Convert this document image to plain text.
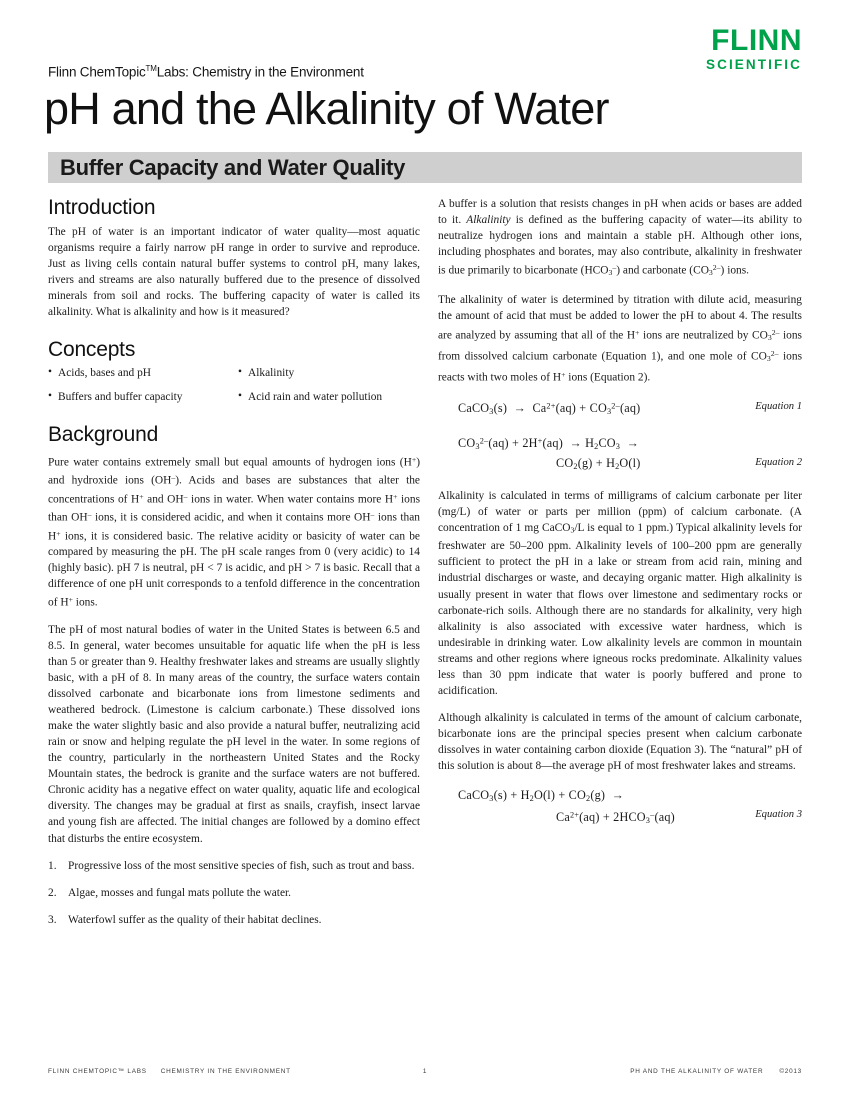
FLINN
SCIENTIFIC
Flinn ChemTopic™Labs: Chemistry in the Environment
pH and the Alkalinity of Water
Buffer Capacity and Water Quality
Introduction

The pH of water is an important indicator of water quality—most aquatic organisms require a fairly narrow pH range in order to survive and reproduce. Just as living cells contain natural buffer systems to control pH, many lakes, rivers and streams are also naturally buffered due to the presence of dissolved minerals from soil and rocks. The buffering capacity of water is called its alkalinity. What is alkalinity and how is it measured?

Concepts
• Acids, bases and pH	• Alkalinity
• Buffers and buffer capacity	• Acid rain and water pollution
Background

Pure water contains extremely small but equal amounts of hydrogen ions (H+) and hydroxide ions (OH–). Acids and bases are substances that alter the concentrations of H+ and OH– ions in water. When water contains more H+ ions than OH– ions, it is considered acidic, and when it contains more OH– ions than H+ ions, it is considered basic. The relative acidity or basicity of water can be compared by measuring the pH. The pH scale ranges from 0 (very acidic) to 14 (highly basic). pH 7 is neutral, pH < 7 is acidic, and pH > 7 is basic. Recall that a difference of one pH unit corresponds to a tenfold difference in the concentration of H+ ions.

The pH of most natural bodies of water in the United States is between 6.5 and 8.5. In general, water becomes unsuitable for aquatic life when the pH is less than 5 or greater than 9. Healthy freshwater lakes and streams are usually slightly basic, with a pH of 8. In many areas of the country, the surface waters contain dissolved carbonate and bicarbonate ions from limestone sediments and weathered bedrock. (Limestone is calcium carbonate.) These dissolved ions make the water slightly basic and also provide a natural buffer, neutralizing acid rain or snow and helping regulate the pH level in the water. In some regions of the country, particularly in the northeastern United States and the Rocky Mountain states, the bedrock is granite and the surface waters are not buffered. Chronic acidity has a negative effect on water quality, aquatic life and ecological diversity. The changes may be gradual at first as snails, crayfish, insect larvae and young fish are affected. The initial changes are followed by a domino effect that disturbs the entire ecosystem.

Progressive loss of the most sensitive species of fish, such as trout and bass.
Algae, mosses and fungal mats pollute the water.
Waterfowl suffer as the quality of their habitat declines.

A buffer is a solution that resists changes in pH when acids or bases are added to it. Alkalinity is defined as the buffering capacity of water—its ability to neutralize hydrogen ions and maintain a stable pH. Although other ions, including phosphates and borates, may also contribute, alkalinity in freshwater is due primarily to bicarbonate $(HCO_3^-)$ and carbonate $(CO_3^{2-})$ ions.

The alkalinity of water is determined by titration with dilute acid, measuring the amount of acid that must be added to lower the pH to about 4. The results are analyzed by assuming that all of the H+ ions are neutralized by $CO_3^{2-}$ ions from dissolved calcium carbonate (Equation 1), and one mole of $CO_3^{2-}$ ions reacts with two moles of H+ ions (Equation 2).

CaCO$_3$(s)  →  $Ca^{2+}(aq) + CO_3^{2-}(aq)$	Equation 1
$CO_3^{2-}(aq) + 2H^+(aq) \to H_2CO_3$  →
$CO_2(g) + H_2O(l)$	Equation 2

Alkalinity is calculated in terms of milligrams of calcium carbonate per liter (mg/L) of water or parts per million (ppm) of calcium carbonate. (A concentration of 1 mg CaCO$_3$/L is equal to 1 ppm.) Typical alkalinity levels for freshwater are 50–200 ppm. Alkalinity levels of 100–200 ppm are generally sufficient to protect the pH in a lake or stream from acid rain, mining and industrial discharges or waste, and decaying organic matter. High alkalinity is usually present in water that flows over limestone and sedimentary rocks or carbonate-rich soils. Although there are no standards for alkalinity, very high alkalinity is also associated with excessive water hardness, which is undesirable in drinking water. Low alkalinity levels are common in mountain streams and other regions where igneous rocks predominate. Alkalinity values less than 30 ppm indicate that water is poorly buffered and prone to acidification.

Although alkalinity is calculated in terms of the amount of calcium carbonate, bicarbonate ions are the principal species present when calcium carbonate dissolves in water containing carbon dioxide (Equation 3). The “natural” pH of this solution is about 8—the average pH of most freshwater lakes and streams.

CaCO$_3$(s) + $H_2O(l) + CO_2(g)$  →
$Ca^{2+}(aq) + 2HCO_3^-(aq)$	Equation 3
FLINN CHEMTOPIC™ LABS CHEMISTRY IN THE ENVIRONMENT	1	PH AND THE ALKALINITY OF WATER	©2013
